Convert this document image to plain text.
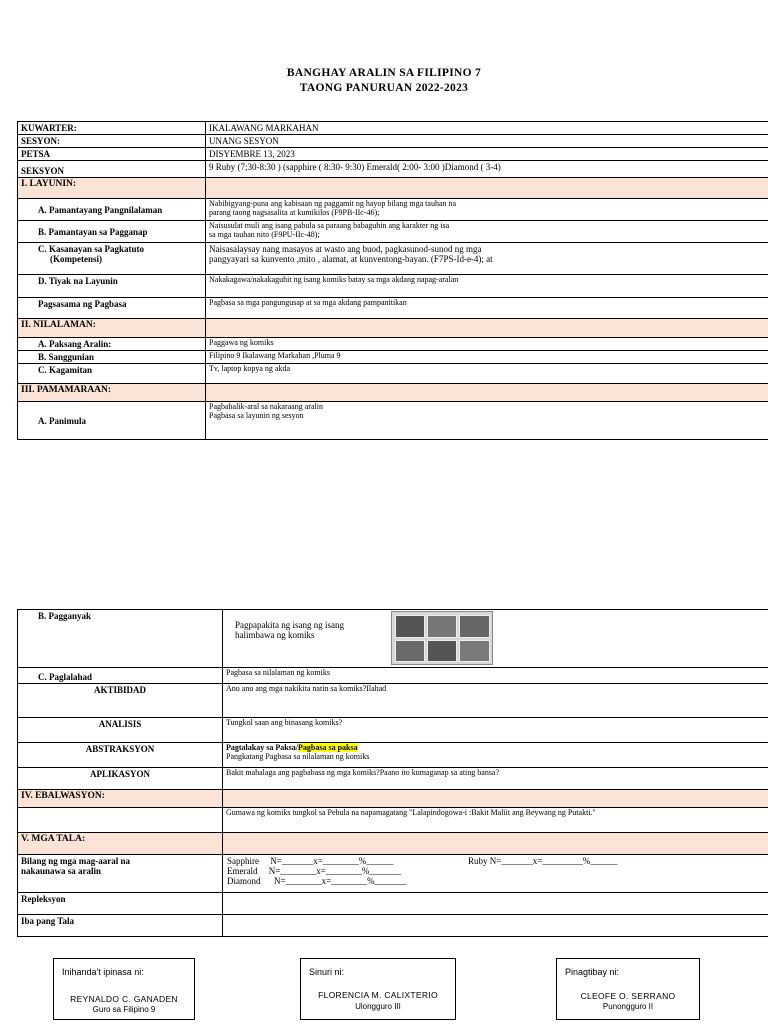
BANGHAY ARALIN SA FILIPINO 7
TAONG PANURUAN 2022-2023
KUWARTER:	IKALAWANG MARKAHAN
SESYON:	UNANG SESYON
PETSA	DISYEMBRE 13, 2023
SEKSYON	9 Ruby (7;30-8:30 ) (sapphire ( 8:30- 9:30) Emerald( 2:00- 3:00 )Diamond ( 3-4)
I. LAYUNIN:	
A. Pamantayang Pangnilalaman	Nabibigyang-puna ang kabisaan ng paggamit ng hayop bilang mga tauhan na
parang taong nagsasalita at kumikilos (F9PB-IIc-46);

B. Pamantayan sa Pagganap	Naisusulat muli ang isang pabula sa paraang babaguhin ang karakter ng isa
sa mga tauhan nito (F9PU-IIc-48);

C. Kasanayan sa Pagkatuto
(Kompetensi)	Naisasalaysay nang masayos at wasto ang buod, pagkasunod-sunod ng mga
pangyayari sa kunvento ,mito , alamat, at kunventong-bayan. (F7PS-Id-e-4); at

D. Tiyak na Layunin	Nakakagawa/nakakaguhit ng isang komiks batay sa mga akdang napag-aralan
Pagsasama ng Pagbasa	Pagbasa sa mga pangungusap at sa mga akdang pampanitikan
II. NILALAMAN:	
A. Paksang Aralin:	Paggawa ng komiks
B. Sanggunian	Filipino 9 Ikalawang Markahan ,Pluma 9
C. Kagamitan	Tv, laptop kopya ng akda
III. PAMAMARAAN:	
A. Panimula	Pagbabalik-aral sa nakaraang aralin
Pagbasa sa layunin ng sesyon
B. Pagganyak	Pagpapakita ng isang ng isang
halimbawa ng komiks

C. Paglalahad	Pagbasa sa nilalaman ng komiks
AKTIBIDAD	Ano ano ang mga nakikita natin sa komiks?Ilahad
ANALISIS	Tungkol saan ang binasang komiks?
ABSTRAKSYON	Pagtalakay sa Paksa/Pagbasa sa paksa
Pangkatang Pagbasa sa nilalaman ng komiks

APLIKASYON	Bakit mahalaga ang pagbabasa ng mga komiks?Paano ito kumaganap sa ating bansa?
IV. EBALWASYON:	
	Gumawa ng komiks tungkol sa Pebula na napamagatang "Lalapindogowa-i :Bakit Maliit ang Beywang ng Putakti."
V. MGA TALA:	

Bilang ng mga mag-aaral na
nakaunawa sa aralin	Sapphire     N=_______x=________%______ Ruby N=_______x=_________%______
Emerald     N=________x=________%_______
Diamond      N=________x=________%_______

Repleksyon	
Iba pang Tala	
Inihanda't ipinasa ni:
REYNALDO C. GANADEN
Guro sa Filipino 9
Sinuri ni:
FLORENCIA M. CALIXTERIO
Ulongguro III
Pinagtibay ni:
CLEOFE O. SERRANO
Punongguro II
